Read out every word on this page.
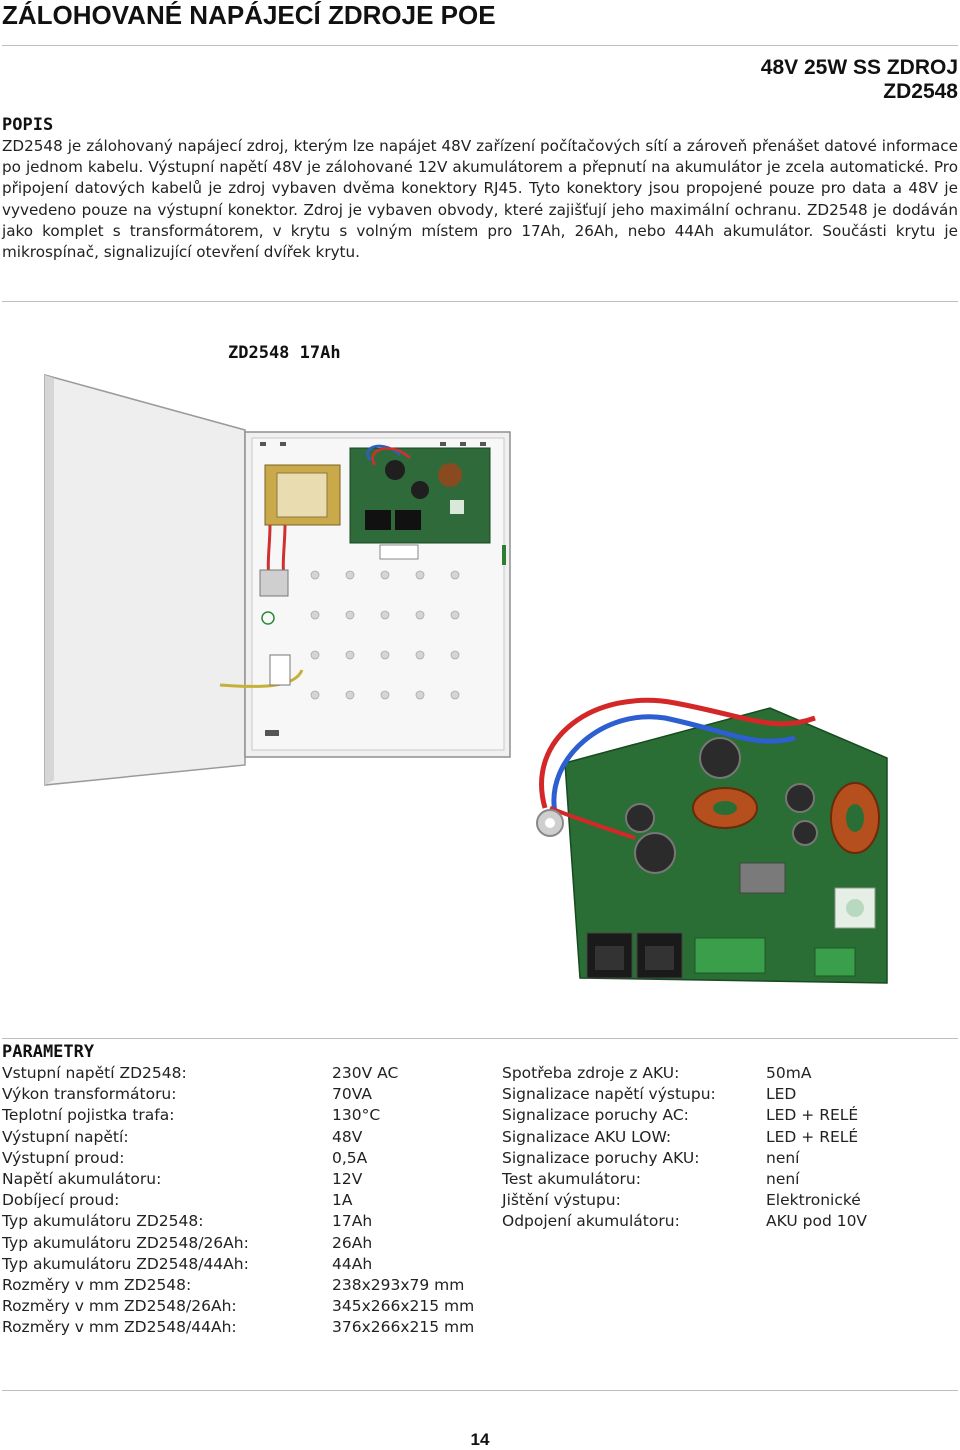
ZÁLOHOVANÉ NAPÁJECÍ ZDROJE POE
48V 25W SS ZDROJ
ZD2548
POPIS

ZD2548 je zálohovaný napájecí zdroj, kterým lze napájet 48V zařízení počítačových sítí a zároveň přenášet datové informace po jednom kabelu. Výstupní napětí 48V je zálohované 12V akumulátorem a přepnutí na akumulátor je zcela automatické. Pro připojení datových kabelů je zdroj vybaven dvěma konektory RJ45. Tyto konektory jsou propojené pouze pro data a 48V je vyvedeno pouze na výstupní konektor. Zdroj je vybaven obvody, které zajišťují jeho maximální ochranu. ZD2548 je dodáván jako komplet s transformátorem, v krytu s volným místem pro 17Ah, 26Ah, nebo 44Ah akumulátor. Součásti krytu je mikrospínač, signalizující otevření dvířek krytu.

ZD2548 17Ah
PARAMETRY
Vstupní napětí ZD2548:	230V AC
Výkon transformátoru:	70VA
Teplotní pojistka trafa:	130°C
Výstupní napětí:	48V
Výstupní proud:	0,5A
Napětí akumulátoru:	12V
Dobíjecí proud:	1A
Typ akumulátoru ZD2548:	17Ah
Typ akumulátoru ZD2548/26Ah:	26Ah
Typ akumulátoru ZD2548/44Ah:	44Ah
Rozměry v mm ZD2548:	238x293x79 mm
Rozměry v mm ZD2548/26Ah:	345x266x215 mm
Rozměry v mm ZD2548/44Ah:	376x266x215 mm
Spotřeba zdroje z AKU:	50mA
Signalizace napětí výstupu:	LED
Signalizace poruchy AC:	LED + RELÉ
Signalizace AKU LOW:	LED + RELÉ
Signalizace poruchy AKU:	není
Test akumulátoru:	není
Jištění výstupu:	Elektronické
Odpojení akumulátoru:	AKU pod 10V
14
